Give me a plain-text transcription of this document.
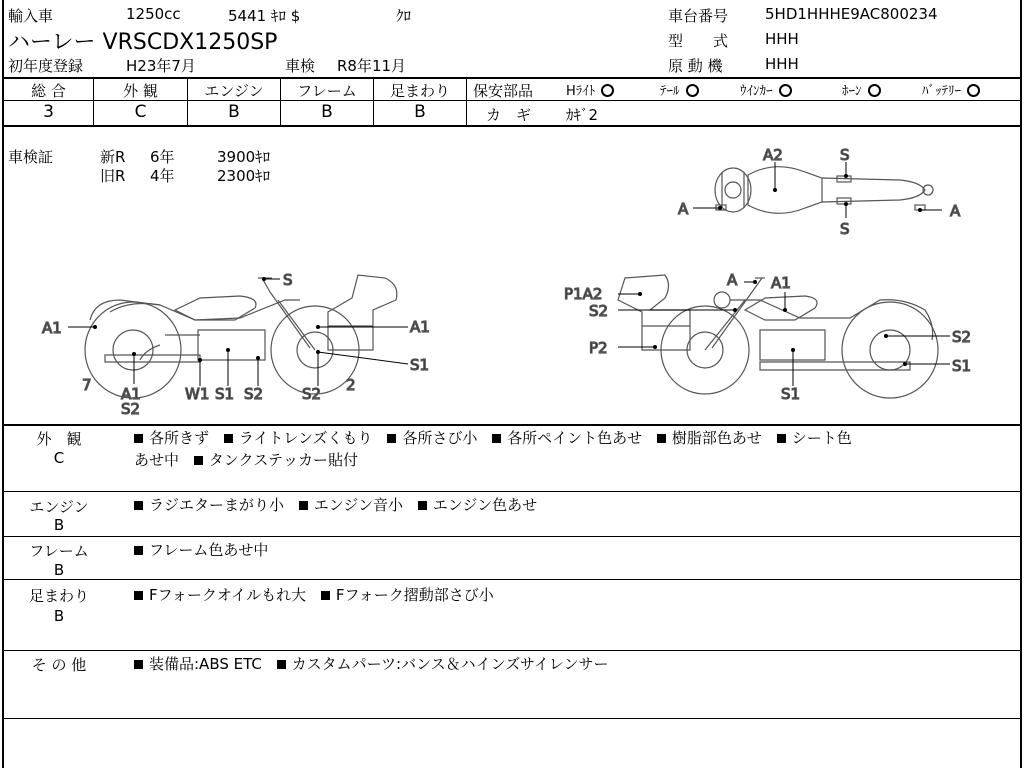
輸入車	1250cc	5441 ｷﾛ $	ｸﾛ
ハーレー VRSCDX1250SP
初年度登録	H23年7月	車検 R8年11月
車台番号 5HD1HHHE9AC800234
型　　式 HHH
原 動 機	HHH
総 合
3
外 観
C
エンジン
B
フレーム
B
足まわり
B
保安部品	Hﾗｲﾄ	ﾃｰﾙ	ｳｲﾝｶｰ	ﾎｰﾝ	ﾊﾞｯﾃﾘｰ
カ　ギ ｶｷﾞ2
車検証	新R 6年	3900ｷﾛ
旧R 4年	2300ｷﾛ
A2	S
A	A
S
S
A1	A1
S1
7 A1
S2
W1 S1 S2	S2 2
A A1
P1A2
S2
P2
S2
S1
S1
外　観
C
各所きず ライトレンズくもり 各所さび小 各所ペイント色あせ 樹脂部色あせ シート色
あせ中 タンクステッカー貼付
エンジン
B
ラジエターまがり小 エンジン音小 エンジン色あせ
フレーム
B
フレーム色あせ中
足まわり
B
Fフォークオイルもれ大 Fフォーク摺動部さび小
そ の 他	装備品:ABS ETC カスタムパーツ:バンス＆ハインズサイレンサー
